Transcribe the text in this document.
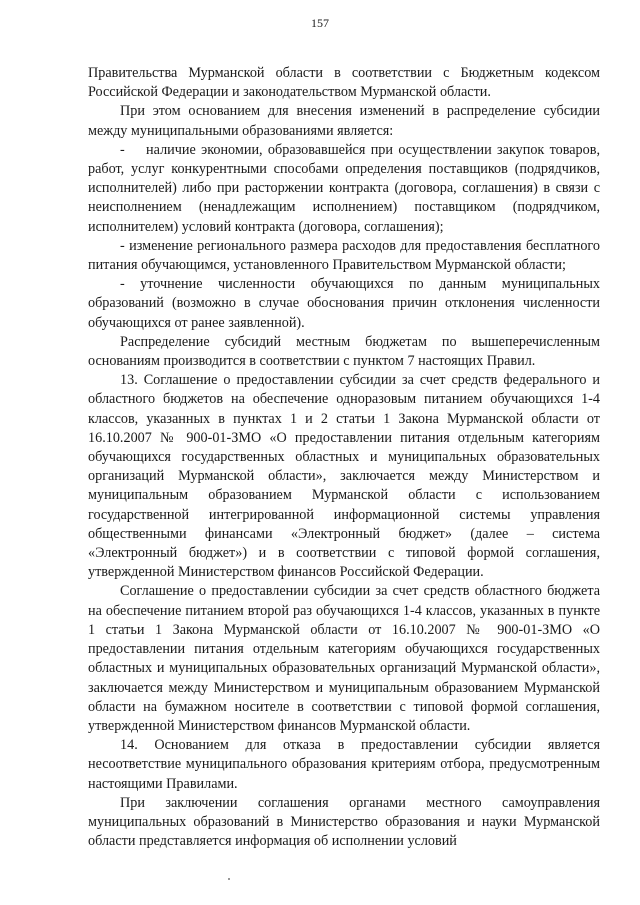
157

Правительства Мурманской области в соответствии с Бюджетным кодексом Российской Федерации и законодательством Мурманской области.

При этом основанием для внесения изменений в распределение субсидии между муниципальными образованиями является:

-    наличие экономии, образовавшейся при осуществлении закупок товаров, работ, услуг конкурентными способами определения поставщиков (подрядчиков, исполнителей) либо при расторжении контракта (договора, соглашения) в связи с неисполнением (ненадлежащим исполнением) поставщиком (подрядчиком, исполнителем) условий контракта (договора, соглашения);

- изменение регионального размера расходов для предоставления бесплатного питания обучающимся, установленного Правительством Мурманской области;

- уточнение численности обучающихся по данным муниципальных образований (возможно в случае обоснования причин отклонения численности обучающихся от ранее заявленной).

Распределение субсидий местным бюджетам по вышеперечисленным основаниям производится в соответствии с пунктом 7 настоящих Правил.

13. Соглашение о предоставлении субсидии за счет средств федерального и областного бюджетов на обеспечение одноразовым питанием обучающихся 1-4 классов, указанных в пунктах 1 и 2 статьи 1 Закона Мурманской области от 16.10.2007 № 900-01-ЗМО «О предоставлении питания отдельным категориям обучающихся государственных областных и муниципальных образовательных организаций Мурманской области», заключается между Министерством и муниципальным образованием Мурманской области с использованием государственной интегрированной информационной системы управления общественными финансами «Электронный бюджет» (далее – система «Электронный бюджет») и в соответствии с типовой формой соглашения, утвержденной Министерством финансов Российской Федерации.

Соглашение о предоставлении субсидии за счет средств областного бюджета на обеспечение питанием второй раз обучающихся 1-4 классов, указанных в пункте 1 статьи 1 Закона Мурманской области от 16.10.2007 № 900-01-ЗМО «О предоставлении питания отдельным категориям обучающихся государственных областных и муниципальных образовательных организаций Мурманской области», заключается между Министерством и муниципальным образованием Мурманской области на бумажном носителе в соответствии с типовой формой соглашения, утвержденной Министерством финансов Мурманской области.

14. Основанием для отказа в предоставлении субсидии является несоответствие муниципального образования критериям отбора, предусмотренным настоящими Правилами.

При заключении соглашения органами местного самоуправления муниципальных образований в Министерство образования и науки Мурманской области представляется информация об исполнении условий
